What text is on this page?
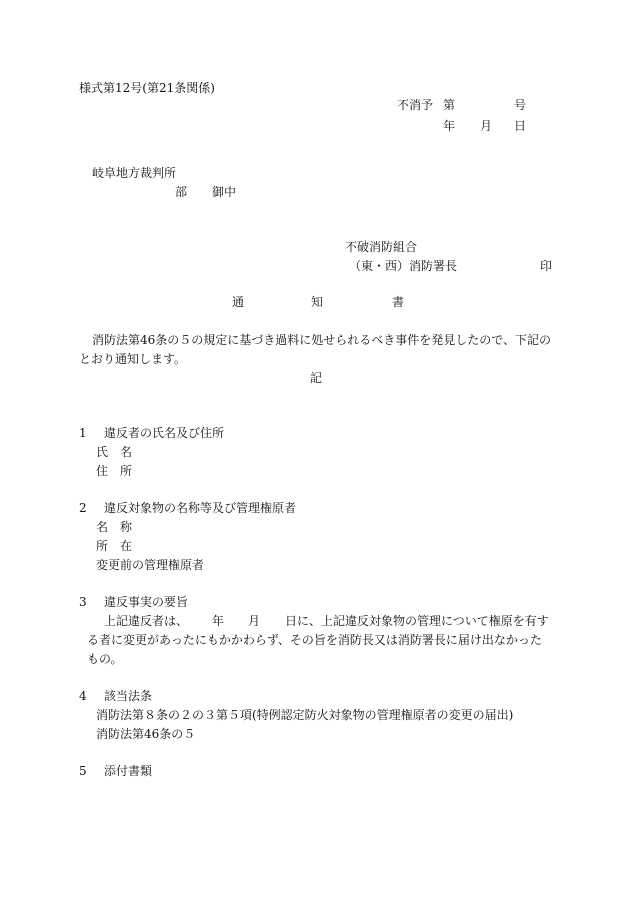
様式第12号(第21条関係)
不消予 第	号
年 月 日
岐阜地方裁判所
部 御中
不破消防組合
（東・西）消防署長	印
通	知	書
消防法第46条の５の規定に基づき過料に処せられるべき事件を発見したので、下記の
とおり通知します。
記
1 違反者の氏名及び住所
氏　名
住　所
2 違反対象物の名称等及び管理権原者
名　称
所　在
変更前の管理権原者
3 違反事実の要旨
上記違反者は、 年 月 日に、上記違反対象物の管理について権原を有す
る者に変更があったにもかかわらず、その旨を消防長又は消防署長に届け出なかった
もの。
4 該当法条
消防法第８条の２の３第５項(特例認定防火対象物の管理権原者の変更の届出)
消防法第46条の５
5 添付書類
